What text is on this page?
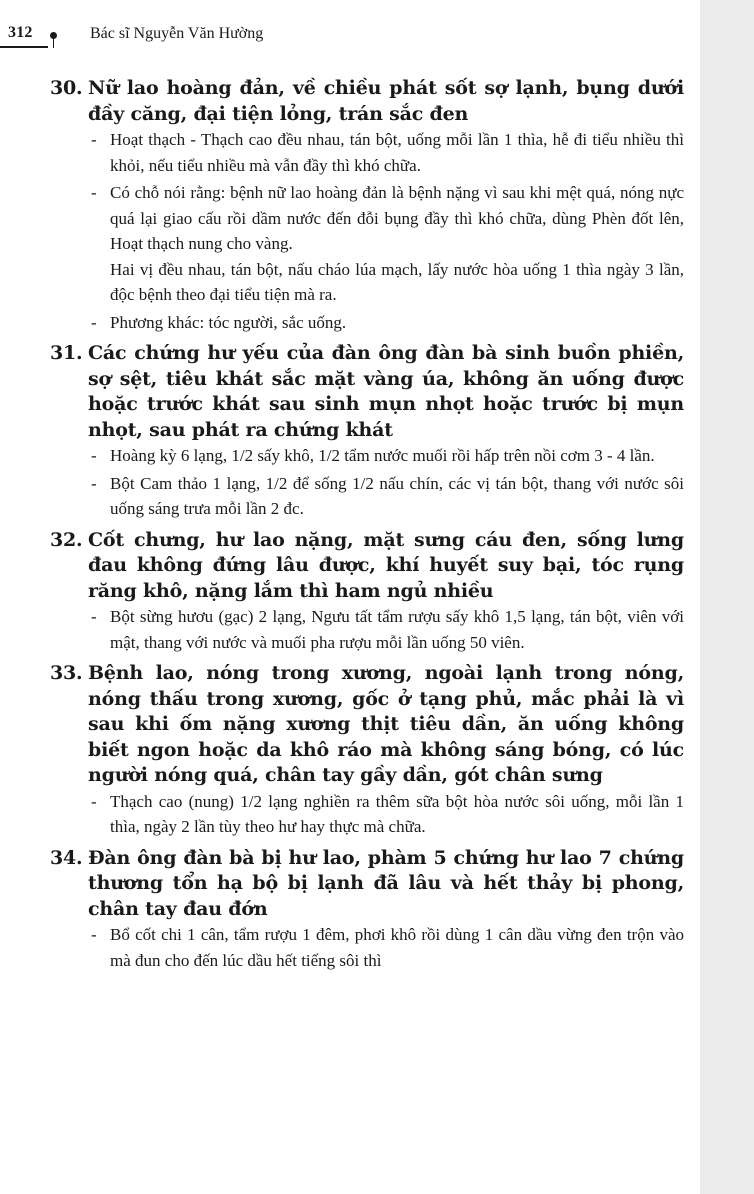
312	Bác sĩ Nguyễn Văn Hường
30. Nữ lao hoàng đản, về chiều phát sốt sợ lạnh, bụng dưới đầy căng, đại tiện lỏng, trán sắc đen
- Hoạt thạch - Thạch cao đều nhau, tán bột, uống mỗi lần 1 thìa, hễ đi tiểu nhiều thì khỏi, nếu tiểu nhiều mà vẫn đầy thì khó chữa.
- Có chỗ nói rằng: bệnh nữ lao hoàng đản là bệnh nặng vì sau khi mệt quá, nóng nực quá lại giao cấu rồi dầm nước đến đỗi bụng đầy thì khó chữa, dùng Phèn đốt lên, Hoạt thạch nung cho vàng.
Hai vị đều nhau, tán bột, nấu cháo lúa mạch, lấy nước hòa uống 1 thìa ngày 3 lần, độc bệnh theo đại tiểu tiện mà ra.
- Phương khác: tóc người, sắc uống.
31. Các chứng hư yếu của đàn ông đàn bà sinh buồn phiền, sợ sệt, tiêu khát sắc mặt vàng úa, không ăn uống được hoặc trước khát sau sinh mụn nhọt hoặc trước bị mụn nhọt, sau phát ra chứng khát
- Hoàng kỳ 6 lạng, 1/2 sấy khô, 1/2 tẩm nước muối rồi hấp trên nồi cơm 3 - 4 lần.
- Bột Cam thảo 1 lạng, 1/2 để sống 1/2 nấu chín, các vị tán bột, thang với nước sôi uống sáng trưa mỗi lần 2 đc.
32. Cốt chưng, hư lao nặng, mặt sưng cáu đen, sống lưng đau không đứng lâu được, khí huyết suy bại, tóc rụng răng khô, nặng lắm thì ham ngủ nhiều
- Bột sừng hươu (gạc) 2 lạng, Ngưu tất tẩm rượu sấy khô 1,5 lạng, tán bột, viên với mật, thang với nước và muối pha rượu mỗi lần uống 50 viên.
33. Bệnh lao, nóng trong xương, ngoài lạnh trong nóng, nóng thấu trong xương, gốc ở tạng phủ, mắc phải là vì sau khi ốm nặng xương thịt tiêu dần, ăn uống không biết ngon hoặc da khô ráo mà không sáng bóng, có lúc người nóng quá, chân tay gầy dần, gót chân sưng
- Thạch cao (nung) 1/2 lạng nghiền ra thêm sữa bột hòa nước sôi uống, mỗi lần 1 thìa, ngày 2 lần tùy theo hư hay thực mà chữa.
34. Đàn ông đàn bà bị hư lao, phàm 5 chứng hư lao 7 chứng thương tổn hạ bộ bị lạnh đã lâu và hết thảy bị phong, chân tay đau đớn
- Bổ cốt chi 1 cân, tẩm rượu 1 đêm, phơi khô rồi dùng 1 cân dầu vừng đen trộn vào mà đun cho đến lúc dầu hết tiếng sôi thì
